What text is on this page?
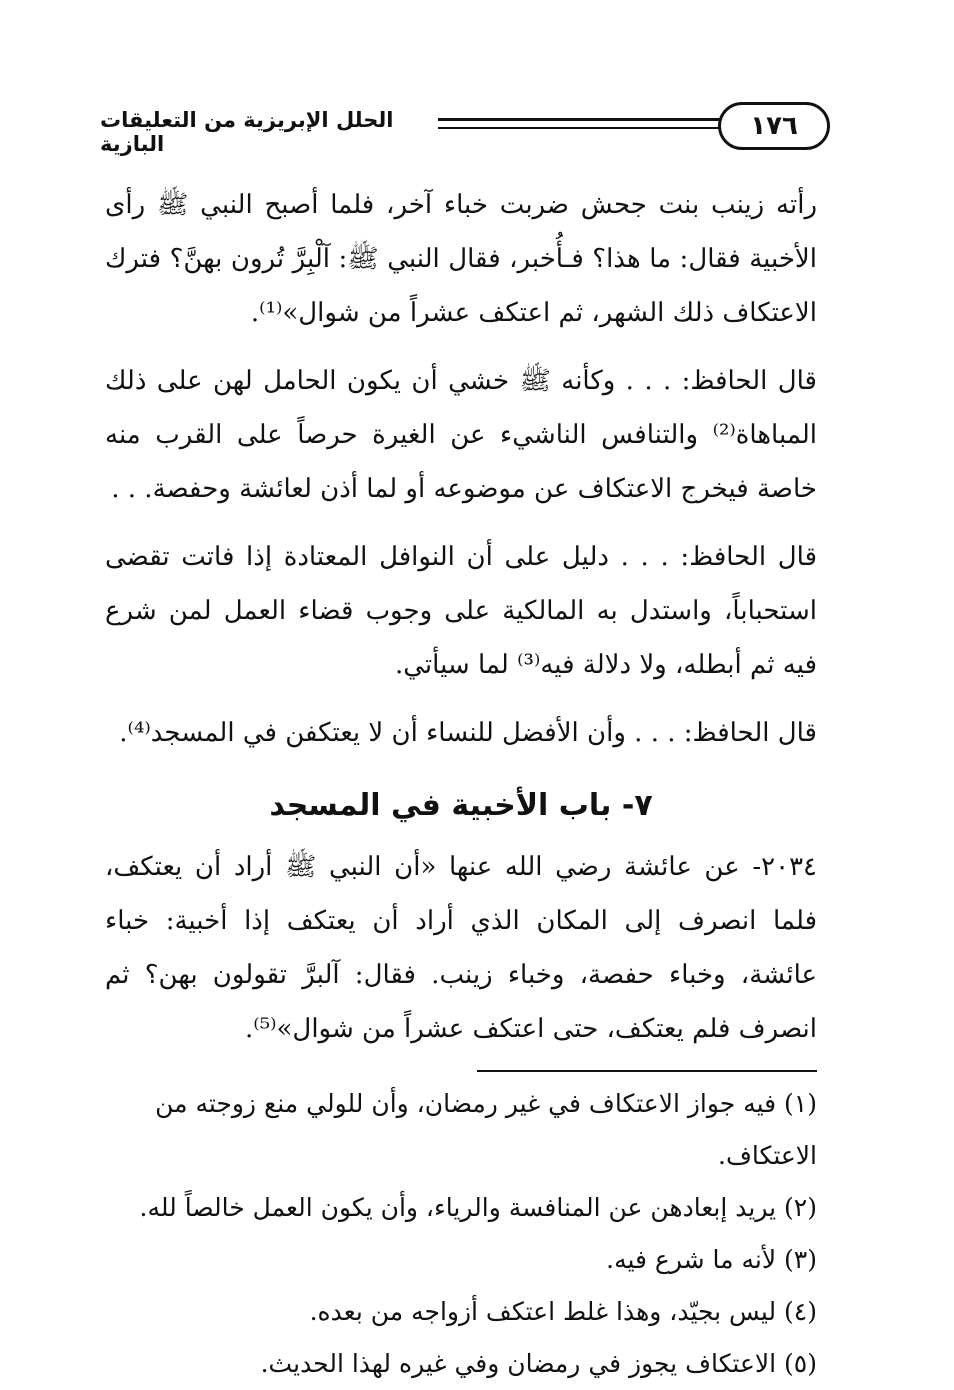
١٧٦
الحلل الإبريزية من التعليقات البازية

رأته زينب بنت جحش ضربت خباء آخر، فلما أصبح النبي ﷺ رأى الأخبية فقال: ما هذا؟ فـأُخبر، فقال النبي ﷺ: آلْبِرَّ تُرون بهنَّ؟ فترك الاعتكاف ذلك الشهر، ثم اعتكف عشراً من شوال»⁽¹⁾.

قال الحافظ: . . . وكأنه ﷺ خشي أن يكون الحامل لهن على ذلك المباهاة⁽²⁾ والتنافس الناشيء عن الغيرة حرصاً على القرب منه خاصة فيخرج الاعتكاف عن موضوعه أو لما أذن لعائشة وحفصة. . .

قال الحافظ: . . . دليل على أن النوافل المعتادة إذا فاتت تقضى استحباباً، واستدل به المالكية على وجوب قضاء العمل لمن شرع فيه ثم أبطله، ولا دلالة فيه⁽³⁾ لما سيأتي.

قال الحافظ: . . . وأن الأفضل للنساء أن لا يعتكفن في المسجد⁽⁴⁾.

٧- باب الأخبية في المسجد

٢٠٣٤- عن عائشة رضي الله عنها «أن النبي ﷺ أراد أن يعتكف، فلما انصرف إلى المكان الذي أراد أن يعتكف إذا أخبية: خباء عائشة، وخباء حفصة، وخباء زينب. فقال: آلبرَّ تقولون بهن؟ ثم انصرف فلم يعتكف، حتى اعتكف عشراً من شوال»⁽⁵⁾.

(١) فيه جواز الاعتكاف في غير رمضان، وأن للولي منع زوجته من الاعتكاف.

(٢) يريد إبعادهن عن المنافسة والرياء، وأن يكون العمل خالصاً لله.

(٣) لأنه ما شرع فيه.

(٤) ليس بجيّد، وهذا غلط اعتكف أزواجه من بعده.

(٥) الاعتكاف يجوز في رمضان وفي غيره لهذا الحديث.
